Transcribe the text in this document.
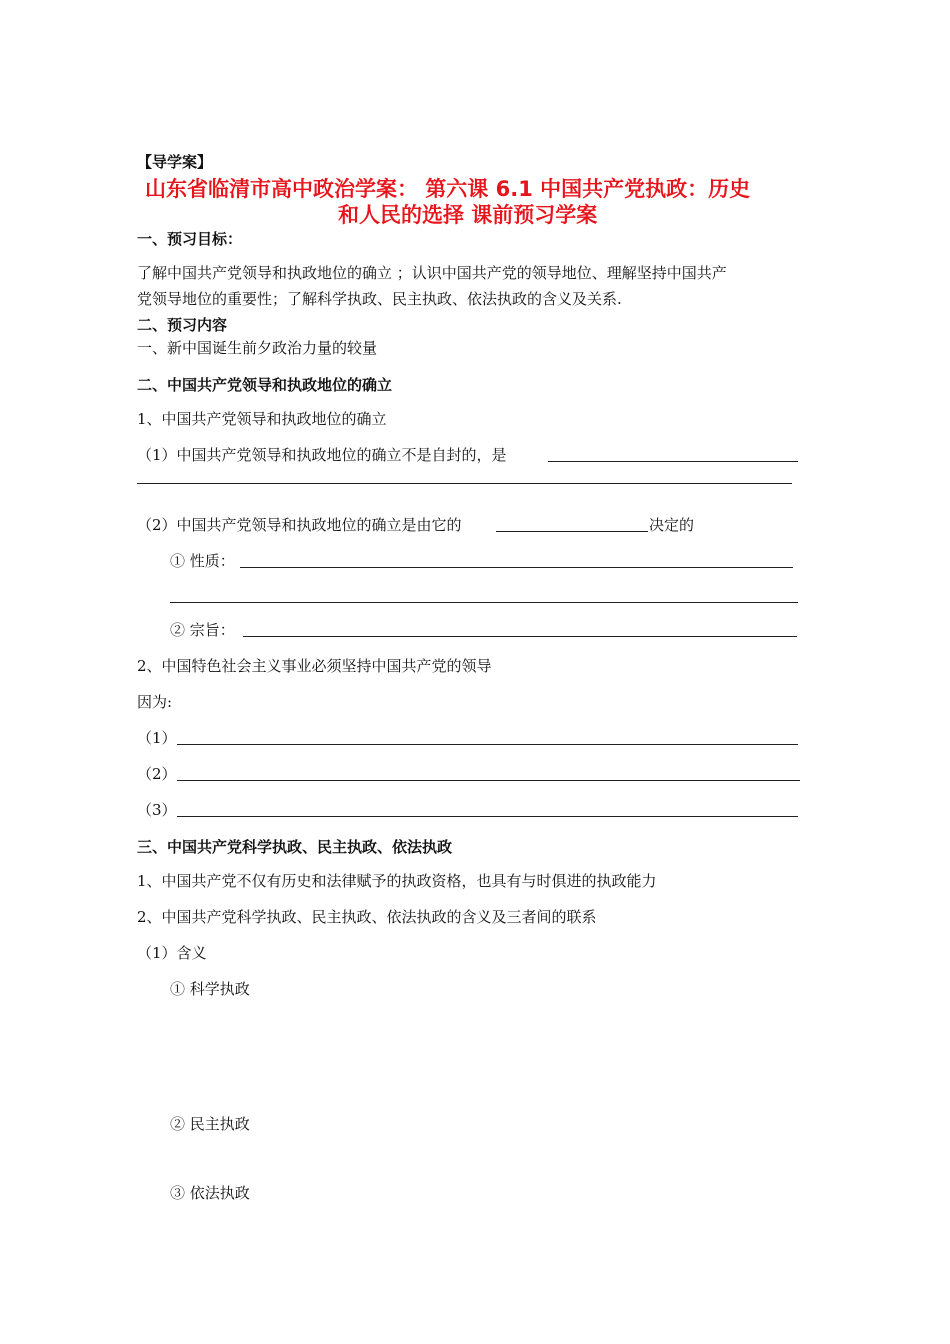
【导学案】
山东省临清市高中政治学案： 第六课 6.1 中国共产党执政：历史
和人民的选择 课前预习学案
一、预习目标：
了解中国共产党领导和执政地位的确立 ；认识中国共产党的领导地位、理解坚持中国共产
党领导地位的重要性；了解科学执政、民主执政、依法执政的含义及关系.
二、预习内容
一、新中国诞生前夕政治力量的较量
二、中国共产党领导和执政地位的确立
1、中国共产党领导和执政地位的确立
（1）中国共产党领导和执政地位的确立不是自封的，是
（2）中国共产党领导和执政地位的确立是由它的	决定的
① 性质：
② 宗旨：
2、中国特色社会主义事业必须坚持中国共产党的领导
因为:
（1）
（2）
（3）
三、中国共产党科学执政、民主执政、依法执政
1、中国共产党不仅有历史和法律赋予的执政资格，也具有与时俱进的执政能力
2、中国共产党科学执政、民主执政、依法执政的含义及三者间的联系
（1）含义
① 科学执政
② 民主执政
③ 依法执政
